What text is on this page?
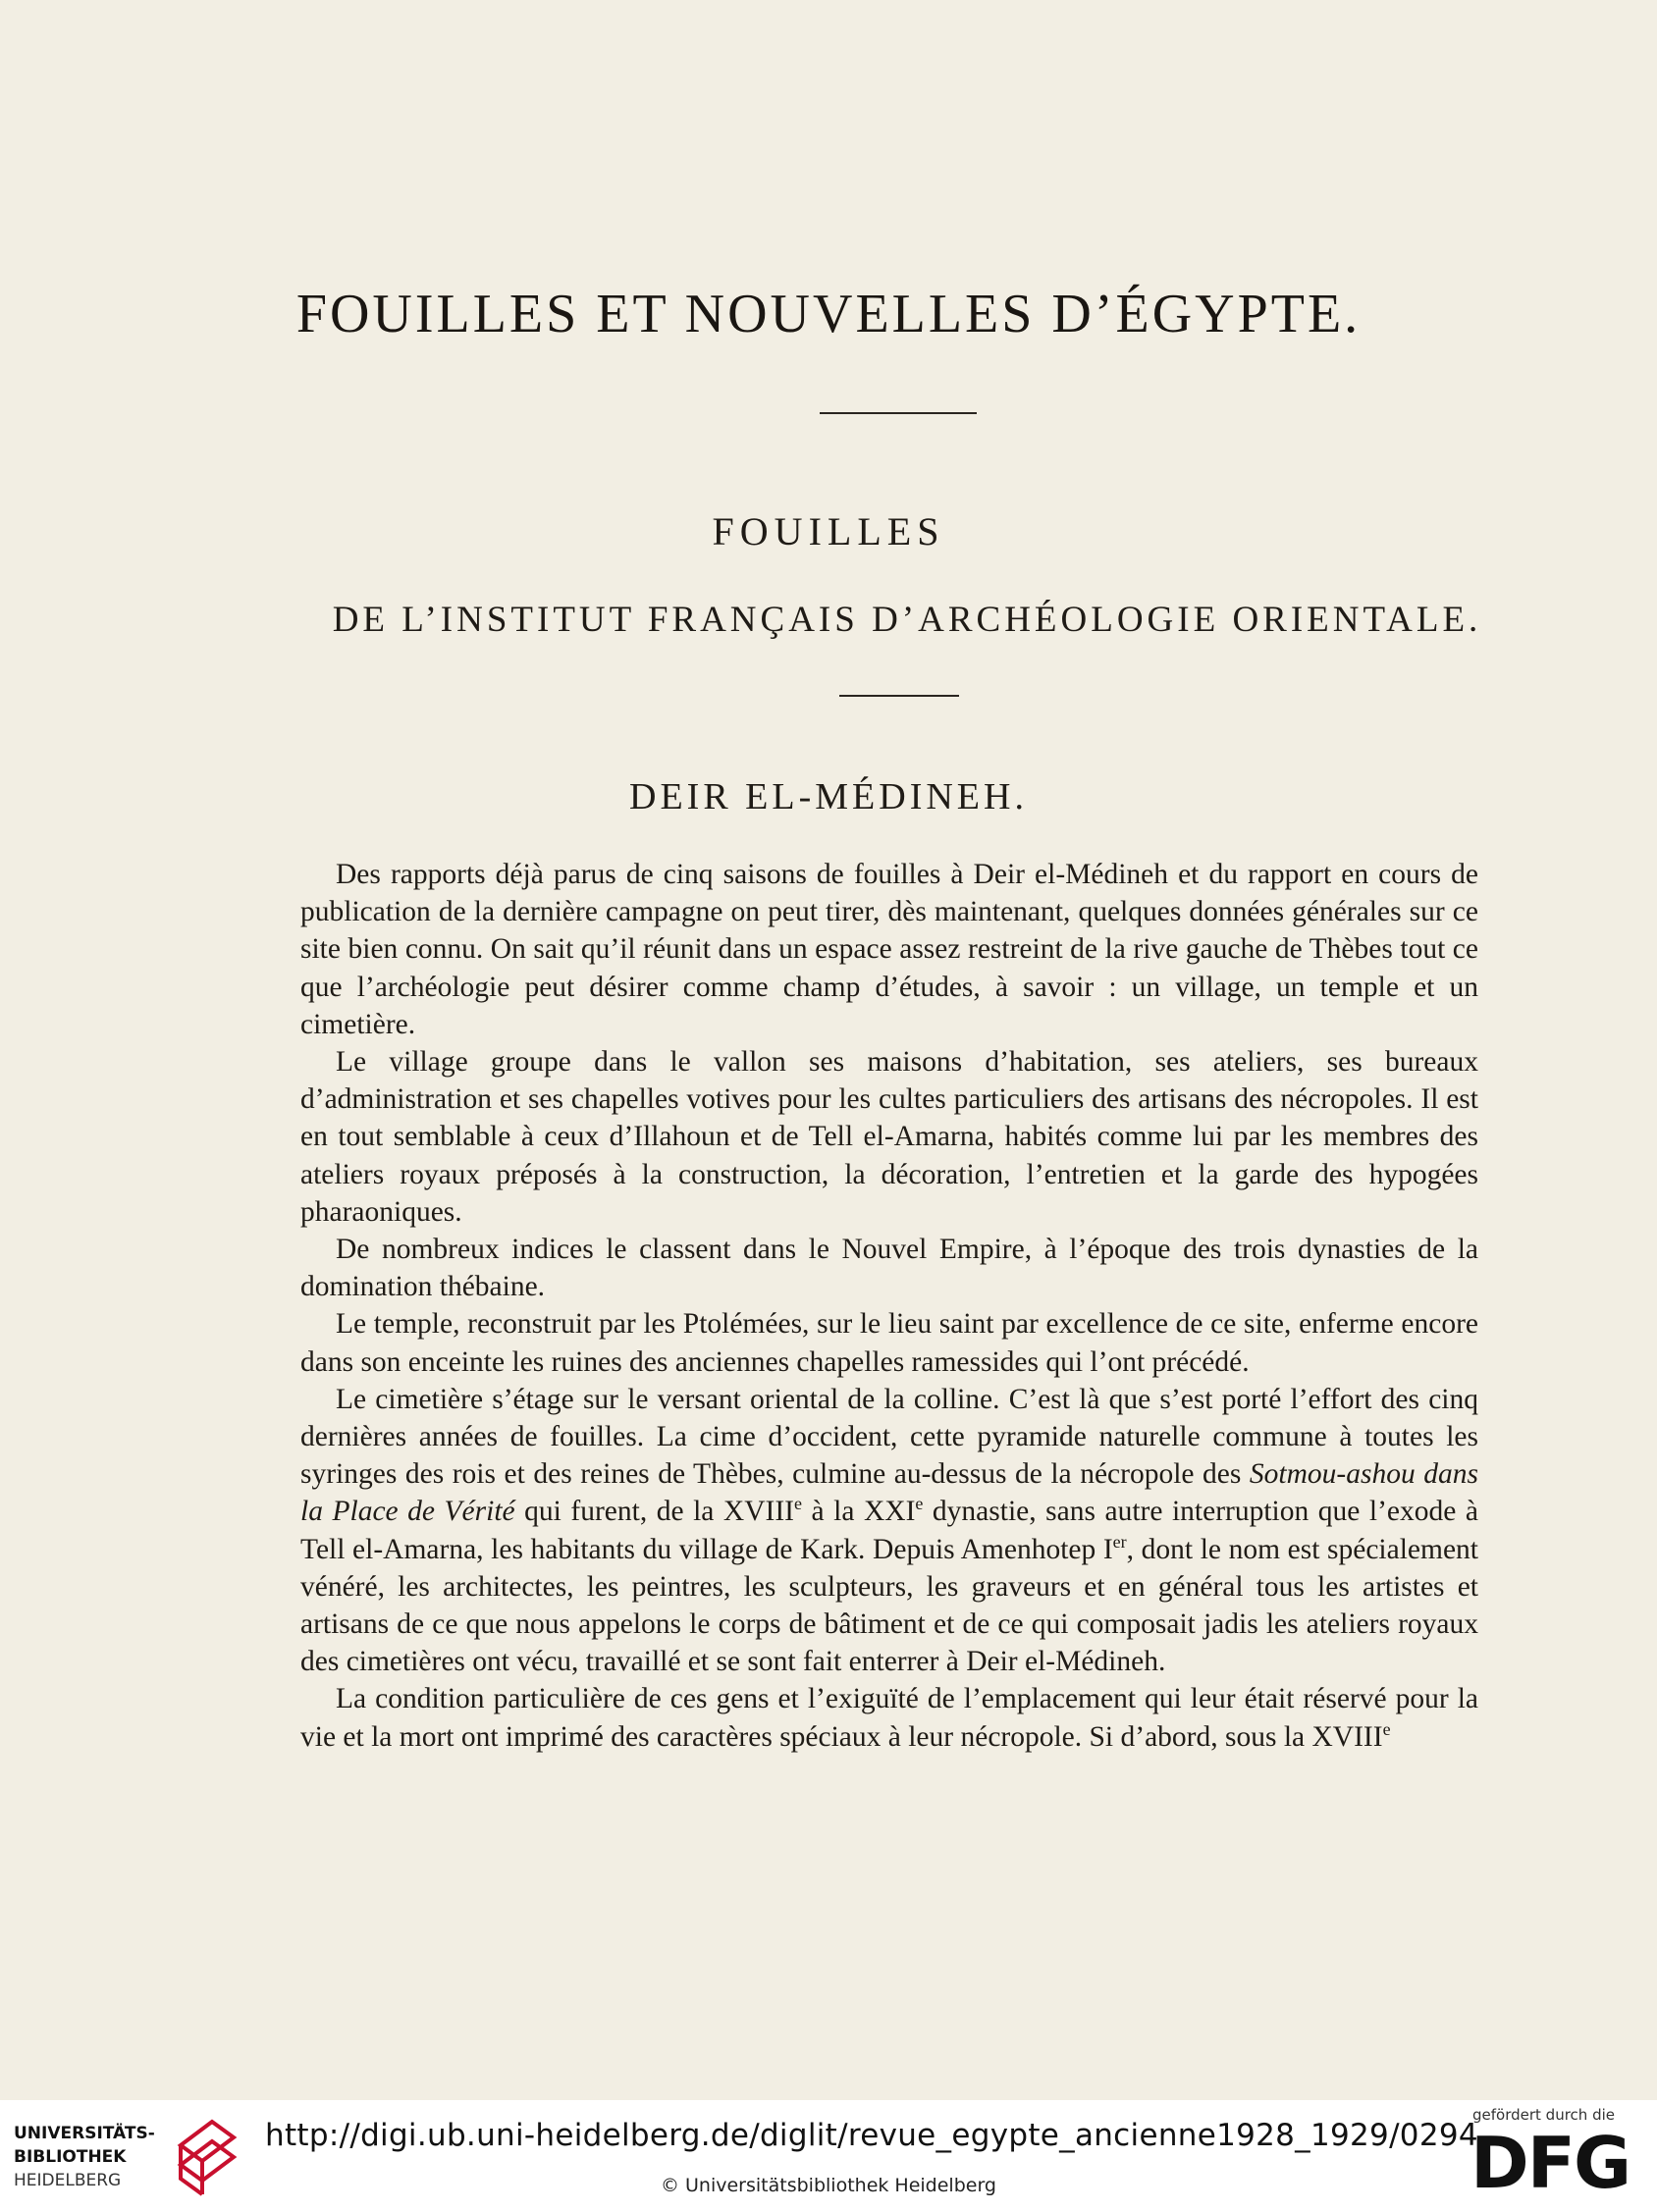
FOUILLES ET NOUVELLES D’ÉGYPTE.
FOUILLES
DE L’INSTITUT FRANÇAIS D’ARCHÉOLOGIE ORIENTALE.
DEIR EL-MÉDINEH.

Des rapports déjà parus de cinq saisons de fouilles à Deir el-Médineh et du rapport en cours de publication de la dernière campagne on peut tirer, dès maintenant, quelques données générales sur ce site bien connu. On sait qu’il réunit dans un espace assez restreint de la rive gauche de Thèbes tout ce que l’archéologie peut désirer comme champ d’études, à savoir : un village, un temple et un cimetière.

Le village groupe dans le vallon ses maisons d’habitation, ses ateliers, ses bureaux d’administration et ses chapelles votives pour les cultes particuliers des artisans des nécropoles. Il est en tout semblable à ceux d’Illahoun et de Tell el-Amarna, habités comme lui par les membres des ateliers royaux préposés à la construction, la décoration, l’entretien et la garde des hypogées pharaoniques.

De nombreux indices le classent dans le Nouvel Empire, à l’époque des trois dynasties de la domination thébaine.

Le temple, reconstruit par les Ptolémées, sur le lieu saint par excellence de ce site, enferme encore dans son enceinte les ruines des anciennes chapelles ramessides qui l’ont précédé.

Le cimetière s’étage sur le versant oriental de la colline. C’est là que s’est porté l’effort des cinq dernières années de fouilles. La cime d’occident, cette pyramide naturelle commune à toutes les syringes des rois et des reines de Thèbes, culmine au-dessus de la nécropole des Sotmou-ashou dans la Place de Vérité qui furent, de la XVIIIe à la XXIe dynastie, sans autre interruption que l’exode à Tell el-Amarna, les habitants du village de Kark. Depuis Amenhotep Ier, dont le nom est spécialement vénéré, les architectes, les peintres, les sculpteurs, les graveurs et en général tous les artistes et artisans de ce que nous appelons le corps de bâtiment et de ce qui composait jadis les ateliers royaux des cimetières ont vécu, travaillé et se sont fait enterrer à Deir el-Médineh.

La condition particulière de ces gens et l’exiguïté de l’emplacement qui leur était réservé pour la vie et la mort ont imprimé des caractères spéciaux à leur nécropole. Si d’abord, sous la XVIIIe

UNIVERSITÄTS-
BIBLIOTHEK
HEIDELBERG
http://digi.ub.uni-heidelberg.de/diglit/revue_egypte_ancienne1928_1929/0294
© Universitätsbibliothek Heidelberg
gefördert durch die
DFG
